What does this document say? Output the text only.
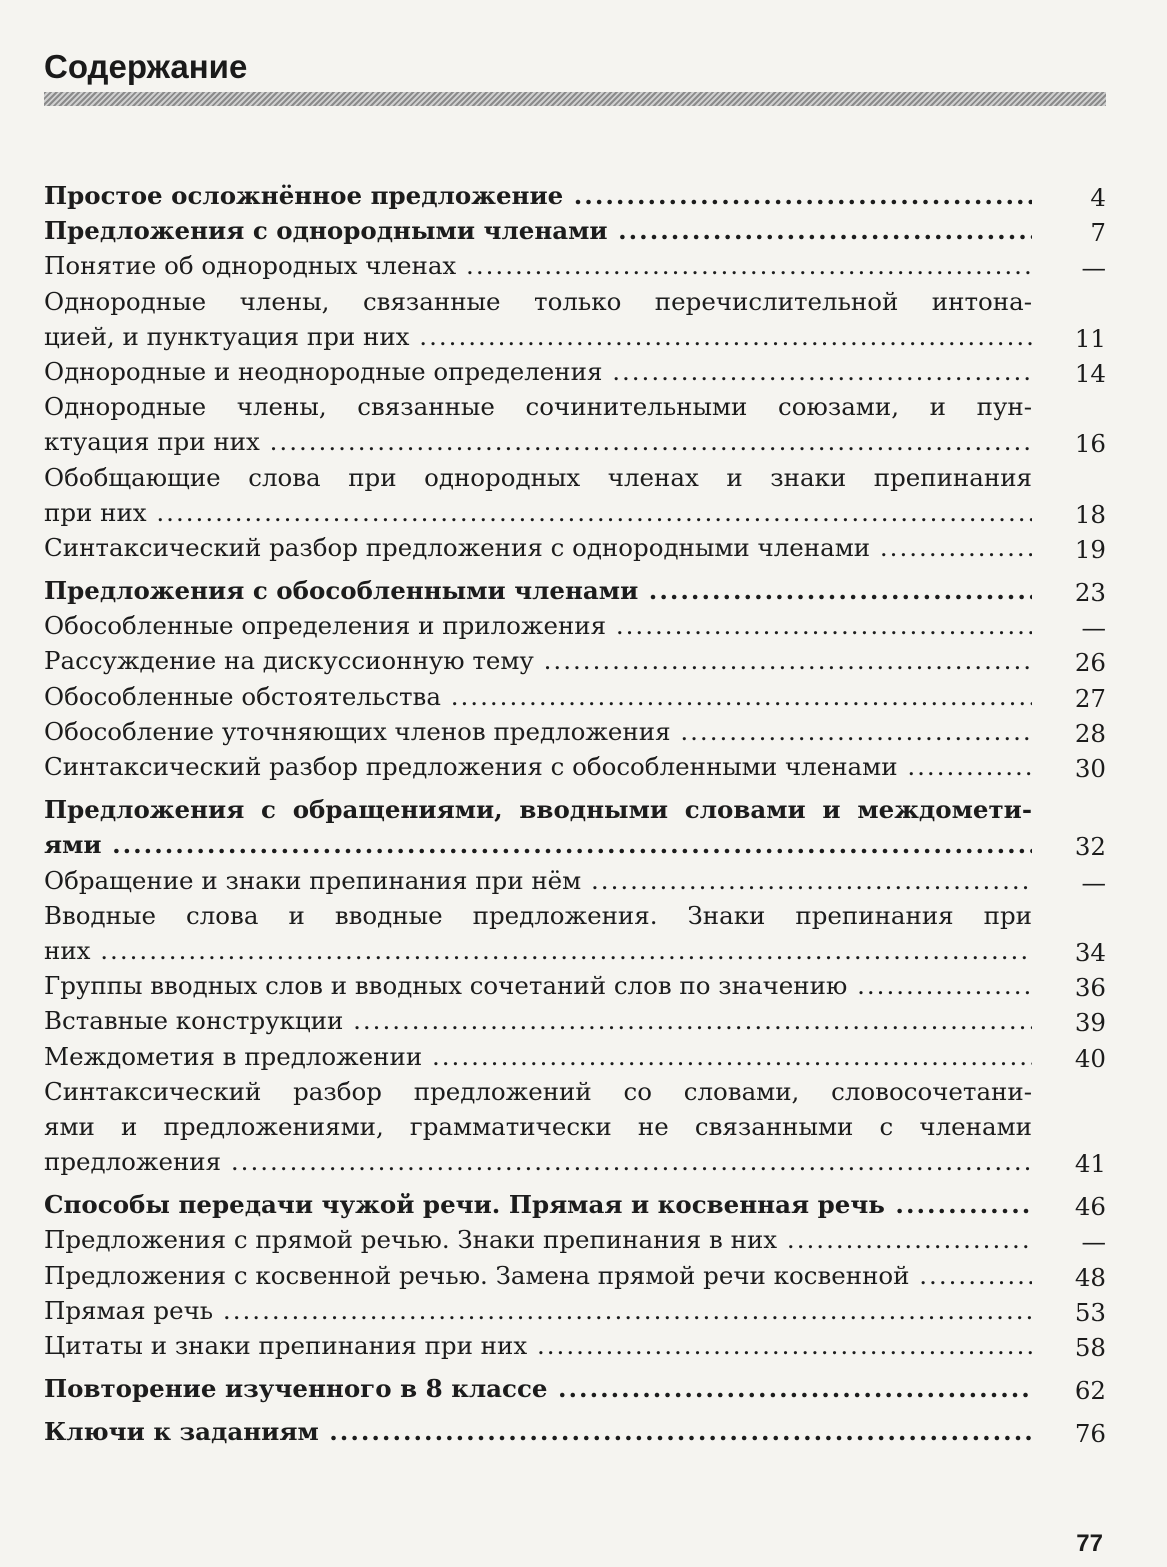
Содержание
Простое осложнённое предложение .....	4
Предложения с однородными членами .....	7
Понятие об однородных членах .....	—
Однородные члены, связанные только перечислительной интона-
цией, и пунктуация при них .....	11
Однородные и неоднородные определения .....	14
Однородные члены, связанные сочинительными союзами, и пун-
ктуация при них .....	16
Обобщающие слова при однородных членах и знаки препинания
при них .....	18
Синтаксический разбор предложения с однородными членами .....	19
Предложения с обособленными членами .....	23
Обособленные определения и приложения .....	—
Рассуждение на дискуссионную тему .....	26
Обособленные обстоятельства .....	27
Обособление уточняющих членов предложения .....	28
Синтаксический разбор предложения с обособленными членами .....	30
Предложения с обращениями, вводными словами и междомети-
ями .....	32
Обращение и знаки препинания при нём .....	—
Вводные слова и вводные предложения. Знаки препинания при
них .....	34
Группы вводных слов и вводных сочетаний слов по значению .....	36
Вставные конструкции .....	39
Междометия в предложении .....	40
Синтаксический разбор предложений со словами, словосочетани-
ями и предложениями, грамматически не связанными с членами
предложения .....	41
Способы передачи чужой речи. Прямая и косвенная речь .....	46
Предложения с прямой речью. Знаки препинания в них .....	—
Предложения с косвенной речью. Замена прямой речи косвенной .....	48
Прямая речь .....	53
Цитаты и знаки препинания при них .....	58
Повторение изученного в 8 классе .....	62
Ключи к заданиям .....	76
77
